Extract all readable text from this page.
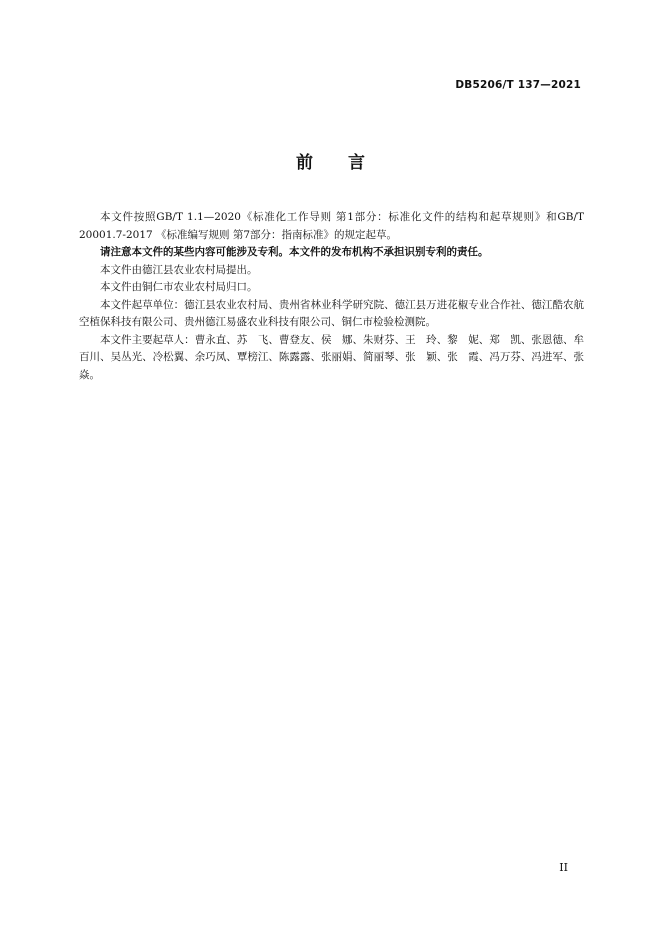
DB5206/T 137—2021
前 言

本文件按照GB/T 1.1—2020《标准化工作导则 第1部分：标准化文件的结构和起草规则》和GB/T 20001.7-2017 《标准编写规则 第7部分：指南标准》的规定起草。

请注意本文件的某些内容可能涉及专利。本文件的发布机构不承担识别专利的责任。

本文件由德江县农业农村局提出。

本文件由铜仁市农业农村局归口。

本文件起草单位：德江县农业农村局、贵州省林业科学研究院、德江县万进花椒专业合作社、德江酷农航空植保科技有限公司、贵州德江易盛农业科技有限公司、铜仁市检验检测院。

本文件主要起草人：曹永直、苏　飞、曹登友、侯　娜、朱财芬、王　玲、黎　妮、郑　凯、张恩德、牟百川、吴丛光、冷松翼、余巧凤、覃榜江、陈露露、张丽娟、简丽琴、张　颖、张　霞、冯万芬、冯进军、张　焱。

II
